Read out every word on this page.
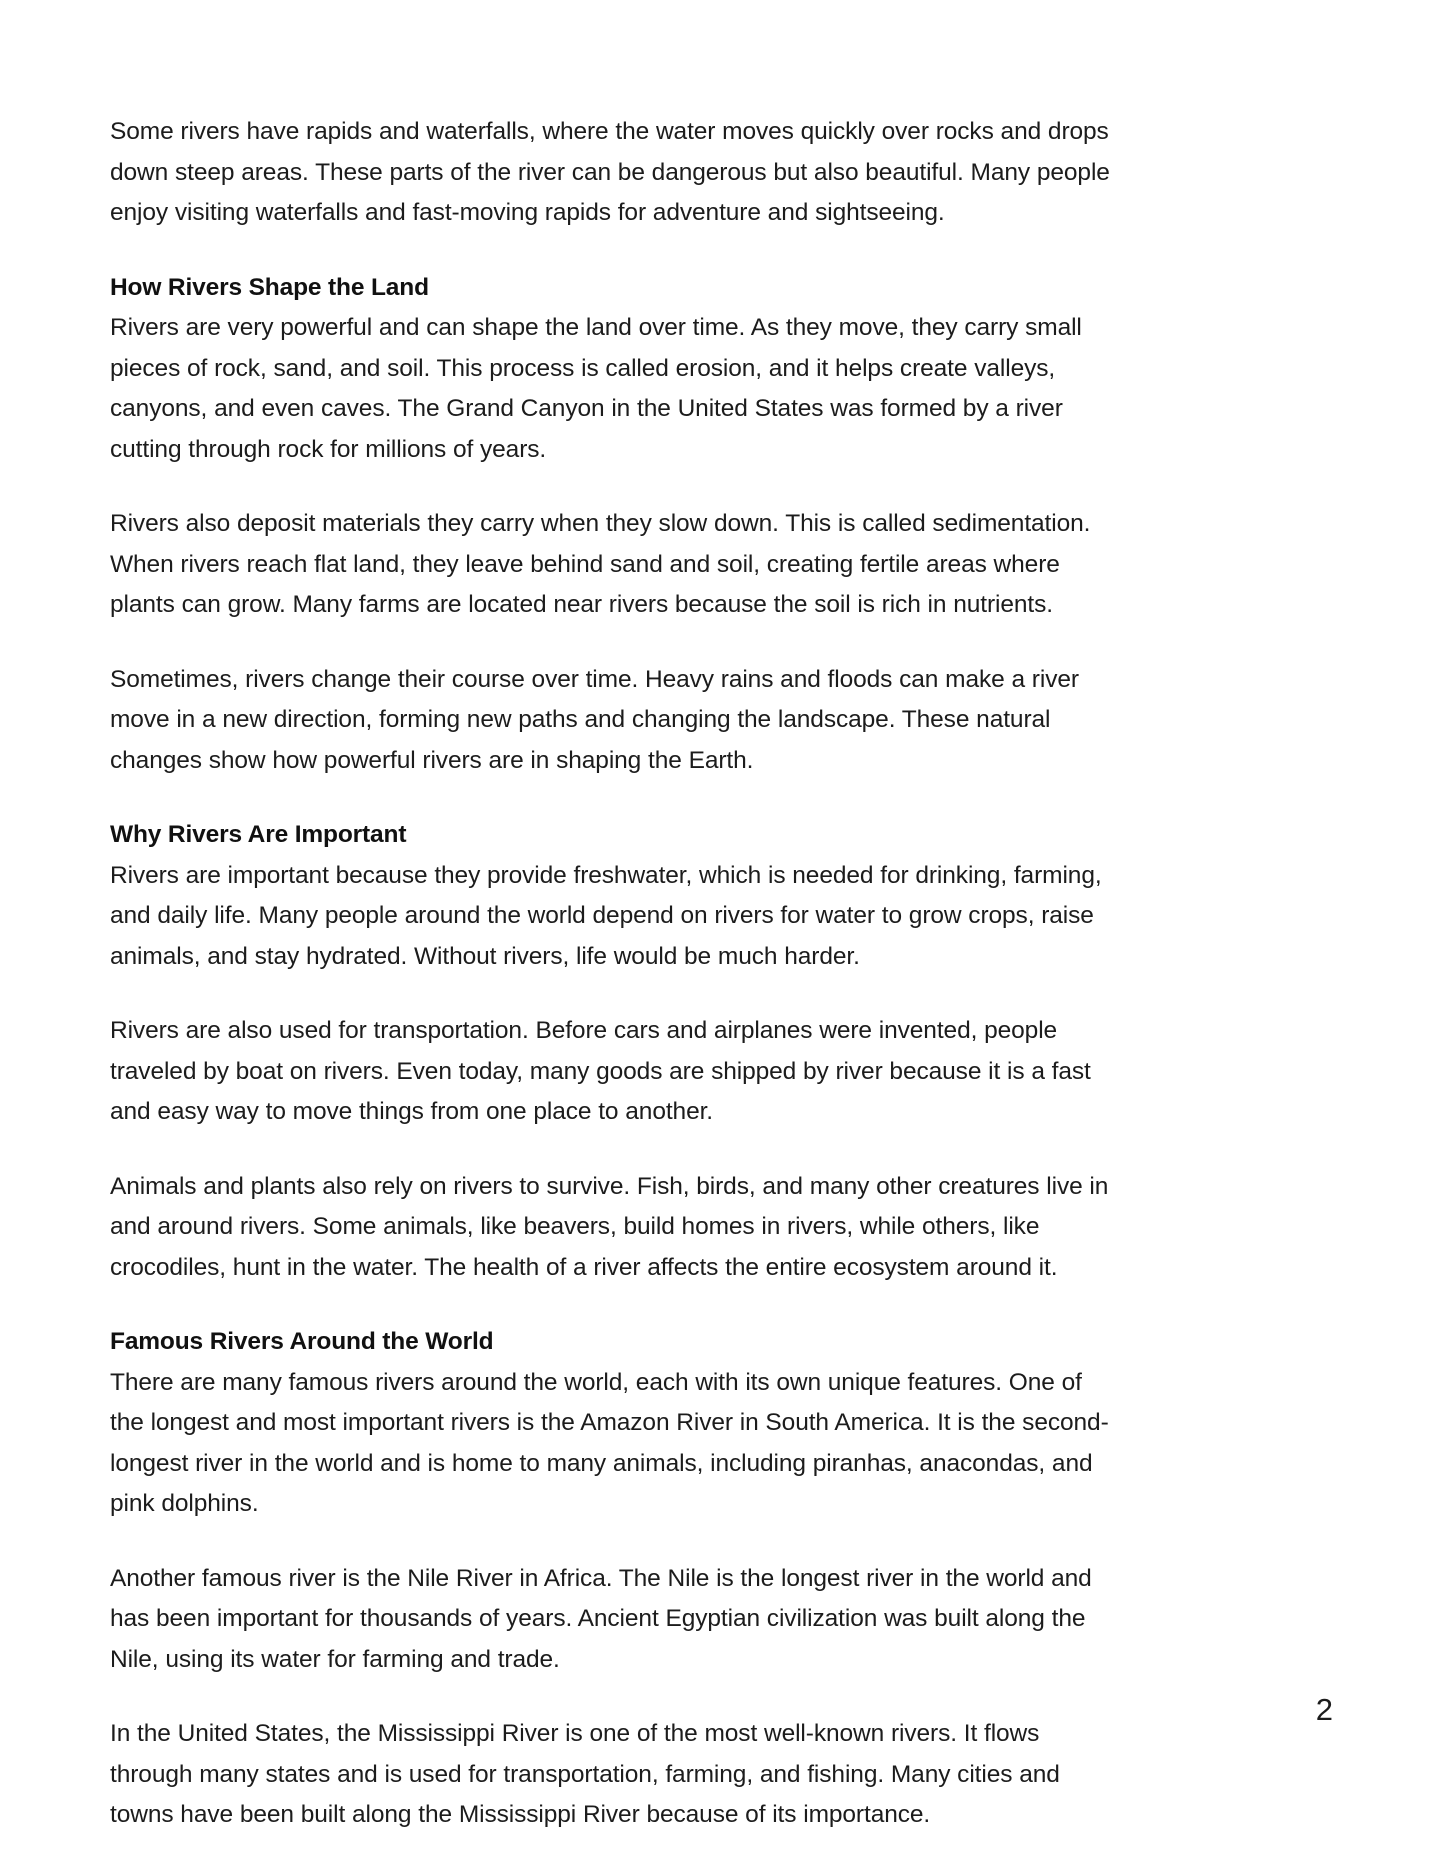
Some rivers have rapids and waterfalls, where the water moves quickly over rocks and drops down steep areas. These parts of the river can be dangerous but also beautiful. Many people enjoy visiting waterfalls and fast-moving rapids for adventure and sightseeing.

How Rivers Shape the Land

Rivers are very powerful and can shape the land over time. As they move, they carry small pieces of rock, sand, and soil. This process is called erosion, and it helps create valleys, canyons, and even caves. The Grand Canyon in the United States was formed by a river cutting through rock for millions of years.

Rivers also deposit materials they carry when they slow down. This is called sedimentation. When rivers reach flat land, they leave behind sand and soil, creating fertile areas where plants can grow. Many farms are located near rivers because the soil is rich in nutrients.

Sometimes, rivers change their course over time. Heavy rains and floods can make a river move in a new direction, forming new paths and changing the landscape. These natural changes show how powerful rivers are in shaping the Earth.

Why Rivers Are Important

Rivers are important because they provide freshwater, which is needed for drinking, farming, and daily life. Many people around the world depend on rivers for water to grow crops, raise animals, and stay hydrated. Without rivers, life would be much harder.

Rivers are also used for transportation. Before cars and airplanes were invented, people traveled by boat on rivers. Even today, many goods are shipped by river because it is a fast and easy way to move things from one place to another.

Animals and plants also rely on rivers to survive. Fish, birds, and many other creatures live in and around rivers. Some animals, like beavers, build homes in rivers, while others, like crocodiles, hunt in the water. The health of a river affects the entire ecosystem around it.

Famous Rivers Around the World

There are many famous rivers around the world, each with its own unique features. One of the longest and most important rivers is the Amazon River in South America. It is the second-longest river in the world and is home to many animals, including piranhas, anacondas, and pink dolphins.

Another famous river is the Nile River in Africa. The Nile is the longest river in the world and has been important for thousands of years. Ancient Egyptian civilization was built along the Nile, using its water for farming and trade.

In the United States, the Mississippi River is one of the most well-known rivers. It flows through many states and is used for transportation, farming, and fishing. Many cities and towns have been built along the Mississippi River because of its importance.

2
